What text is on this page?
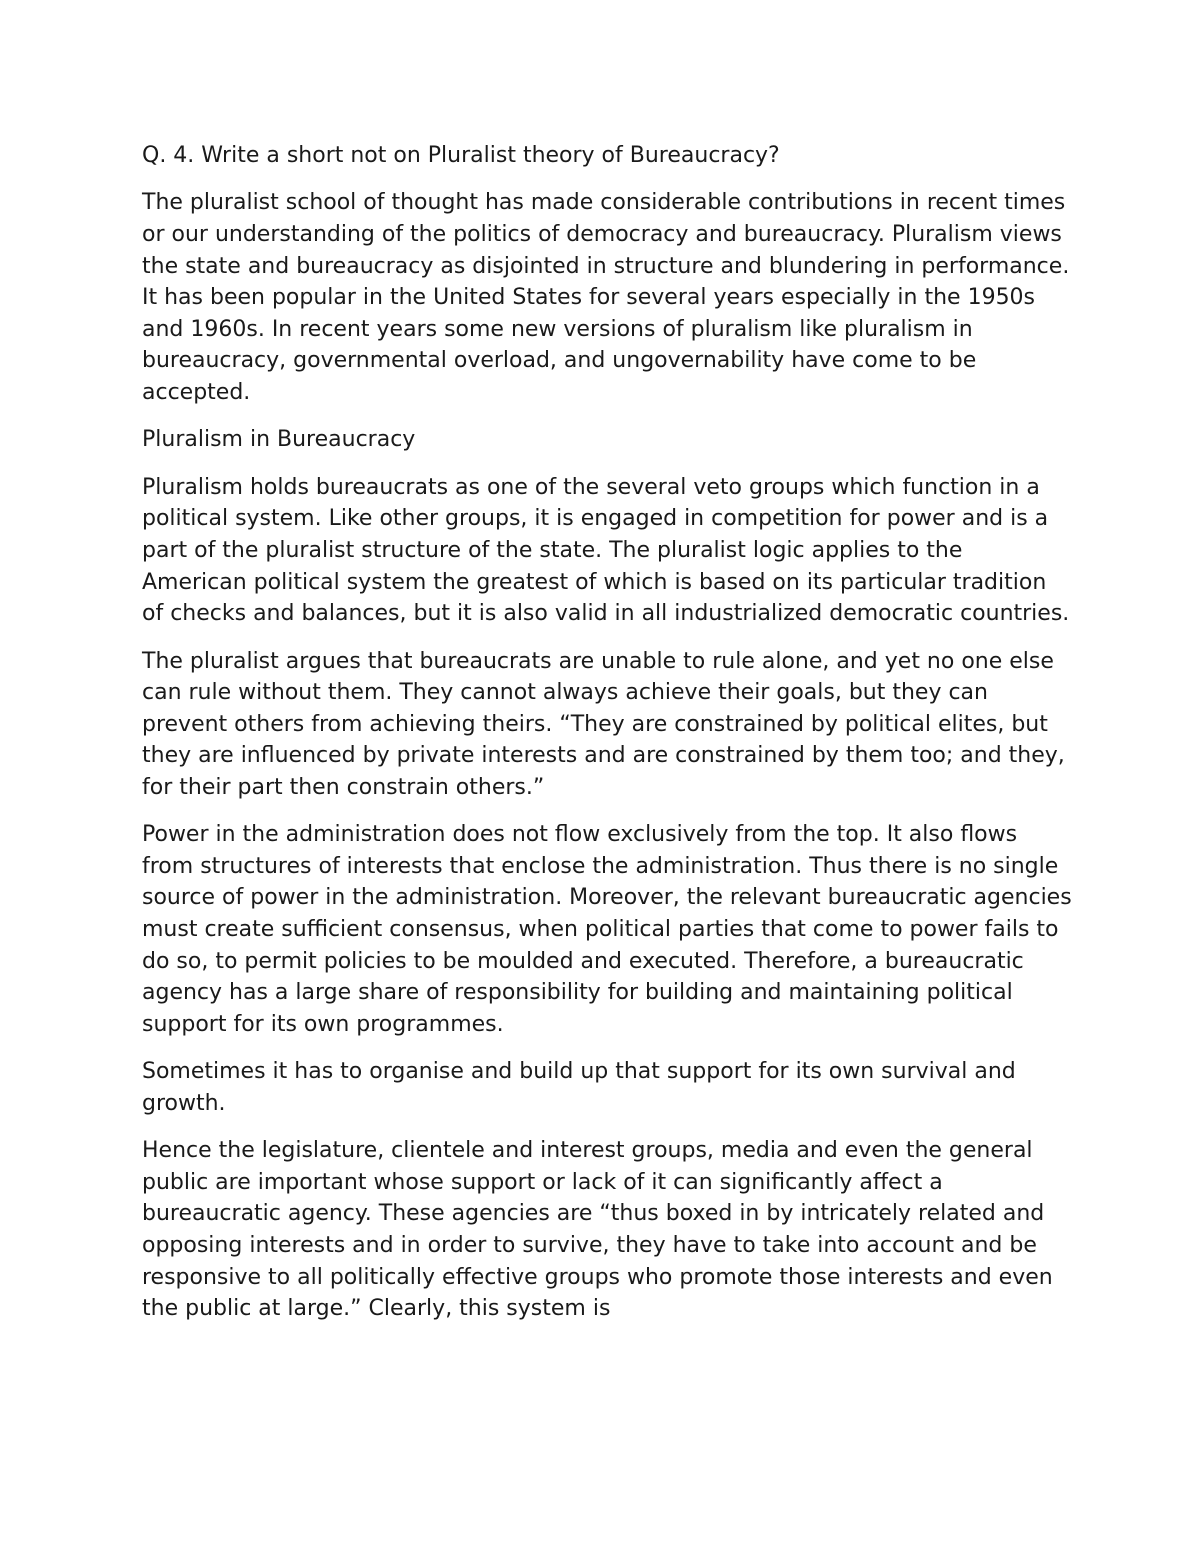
Q. 4. Write a short not on Pluralist theory of Bureaucracy?

The pluralist school of thought has made considerable contributions in recent times or our understanding of the politics of democracy and bureaucracy. Pluralism views the state and bureaucracy as disjointed in structure and blundering in performance. It has been popular in the United States for several years especially in the 1950s and 1960s. In recent years some new versions of pluralism like pluralism in bureaucracy, governmental overload, and ungovernability have come to be accepted.

Pluralism in Bureaucracy

Pluralism holds bureaucrats as one of the several veto groups which function in a political system. Like other groups, it is engaged in competition for power and is a part of the pluralist structure of the state. The pluralist logic applies to the American political system the greatest of which is based on its particular tradition of checks and balances, but it is also valid in all industrialized democratic countries.

The pluralist argues that bureaucrats are unable to rule alone, and yet no one else can rule without them. They cannot always achieve their goals, but they can prevent others from achieving theirs. “They are constrained by political elites, but they are influenced by private interests and are constrained by them too; and they, for their part then constrain others.”

Power in the administration does not flow exclusively from the top. It also flows from structures of interests that enclose the administration. Thus there is no single source of power in the administration. Moreover, the relevant bureaucratic agencies must create sufficient consensus, when political parties that come to power fails to do so, to permit policies to be moulded and executed. Therefore, a bureaucratic agency has a large share of responsibility for building and maintaining political support for its own programmes.

Sometimes it has to organise and build up that support for its own survival and growth.

Hence the legislature, clientele and interest groups, media and even the general public are important whose support or lack of it can significantly affect a bureaucratic agency. These agencies are “thus boxed in by intricately related and opposing interests and in order to survive, they have to take into account and be responsive to all politically effective groups who promote those interests and even the public at large.” Clearly, this system is
